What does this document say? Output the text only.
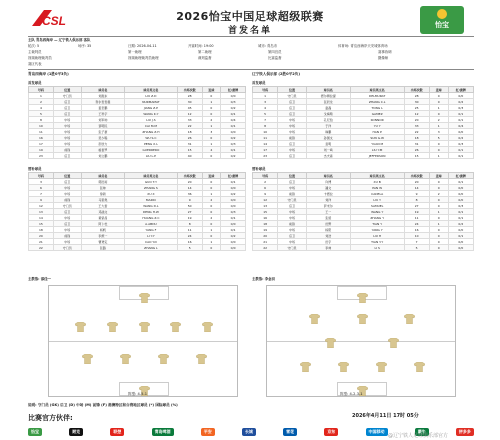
CSL	2026怡宝中国足球超级联赛
首发名单
怡宝
主队 青岛西海岸 — 辽宁铁人俱乐部 客队
轮次: 5	场序: 35	日期: 2026-04-11	开赛时间: 19:00	城市: 青岛市	体育场: 青岛西海岸天安城体育场
主裁判员	第一助理	第二助理	第四官员	赛事协调
视频助理裁判员	视频助理裁判员助理	裁判监督	比赛监督	摄像师
赛区代表
青岛西海岸 (1胜0平3负)	辽宁铁人俱乐部 (2胜0平2负)
首发球员	首发球员
号码	位置	球员名	球员英文名	出场次数	进球	红/黄牌
1	守门员	刘振东	LIU Z.D	28	0	0/0
2	后卫	努尔麦麦提	NURMAMAT	30	1	0/3
4	后卫	姜至鹏	JIANG Z.P	45	0	0/2
5	后卫	王科宇	WANG K.Y	12	0	0/1
8	中场	刘军帅	LIU J.S	33	2	0/4
10	中场	蔡明民	CAI M.M	22	1	0/1
11	中场	张子豪	ZHANG Z.H	18	3	0/0
16	中场	吴少聪	WU S.C	26	0	0/2
17	中场	彭欣力	PENG X.L	31	1	0/3
19	前锋	格雷罗	GUERRERO	15	4	0/1
23	后卫	刘立鹏	LIU L.P	40	0	0/2
号码	位置	球员名	球员英文名	出场次数	进球	红/黄牌
1	守门员	德尔穆拉提	DELMURAT	28	0	0/0
3	后卫	张辰龙	ZHANG C.L	30	0	0/2
4	后卫	童磊	TONG L	25	1	0/3
5	后卫	戈梅斯	GAMEZ	12	0	0/1
7	中场	孔尼伯	KONNOR	20	2	0/1
8	中场	于洋	YU Y	33	1	0/4
10	中场	韩鹏	HAN P	22	3	0/0
11	前锋	孙国文	SUN G.W	18	5	0/2
14	后卫	袁明	YUAN M	31	0	0/3
17	中场	刘一鸣	LIU Y.M	26	0	0/1
23	后卫	杰夫森	JEFFERSON	15	1	0/1
替补球员	替补球员
号码	位置	球员名	球员英文名	出场次数	进球	红/黄牌
3	后卫	郭田雨	GUO T.Y	20	0	0/1
6	中场	张帅	ZHANG S	14	0	0/0
7	中场	徐新	XU X	36	1	0/2
9	前锋	马里奥	MARIO	9	2	0/0
12	守门员	王大雷	WANG D.L	50	0	0/0
13	后卫	邓涵文	DENG H.W	27	0	0/3
14	中场	黄紫昌	HUANG Z.C	19	2	0/1
15	后卫	阿卜杜	A.ABDU	8	0	0/0
18	中场	杨帆	YANG F	11	1	0/1
20	前锋	李源一	LI Y.Y	24	0	0/2
21	中场	曹赟定	CAO Y.D	16	1	0/0
22	守门员	张路	ZHANG L	5	0	0/0
号码	位置	球员名	球员英文名	出场次数	进球	红/黄牌
2	后卫	许博	XU B	20	0	0/1
6	中场	潘文	PAN W	14	0	0/0
9	前锋	卡德拉	CADELA	9	2	0/0
12	守门员	刘洋	LIU Y	8	0	0/0
13	后卫	萨米尔	SAMUEL	27	0	0/3
15	中场	王一	WANG Y	19	1	0/1
16	中场	张毅	ZHANG Y	11	0	0/1
18	前锋	田野	TIAN Y	24	1	0/2
19	中场	杨阳	YANG Y	16	0	0/0
20	后卫	刘浩	LIU H	10	0	0/1
21	中场	田宇	TIAN Y.Y	7	0	0/0
22	守门员	李帅	LI S	5	0	0/0
主教练: 邵佳一	主教练: 李金羽
阵型: 4-5-1	阵型: 4-2-3-1
说明: 守门员 (GK) 后卫 (D) 中场 (M) 前锋 (F) 港澳特区和台湾地区球员 (*) 国际球员 (%)
比赛官方伙伴:	2026年4月11日 17时 05分
怡宝	耐克	联想	青岛啤酒	平安	长城	雪花	京东	中国移动	蒙牛	拼多多
@辽宁铁人足球俱乐部官方
